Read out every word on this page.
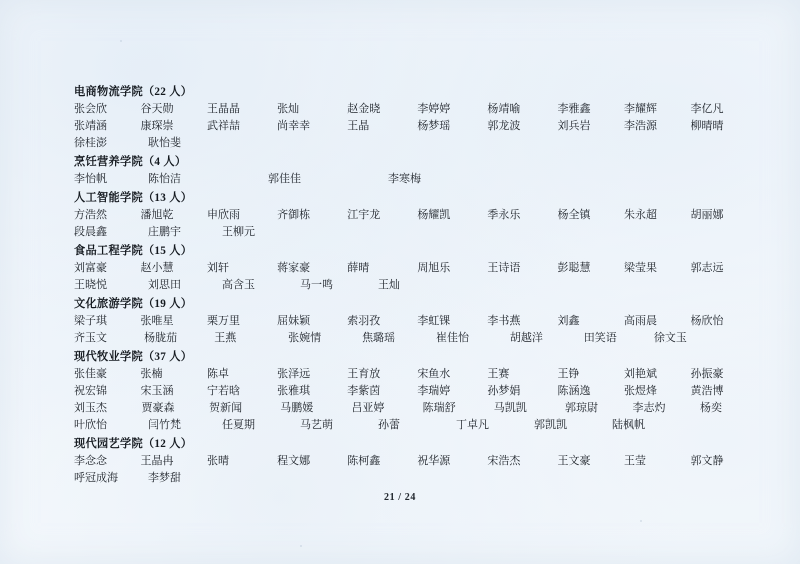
电商物流学院（22 人）
张会欣	谷天勋	王晶晶	张灿	赵金晓	李婷婷	杨靖喻	李雅鑫	李耀辉	李亿凡
张靖涵	康琛崇	武祥喆	尚幸幸	王晶	杨梦瑶	郭龙波	刘兵岩	李浩源	柳晴晴
徐桂澎	耿怡斐
烹饪营养学院（4 人）
李怡帆	陈怡洁	郭佳佳	李寒梅
人工智能学院（13 人）
方浩然	潘旭乾	申欣雨	齐御栋	江宇龙	杨耀凯	季永乐	杨全镇	朱永超	胡丽娜
段晨鑫	庄鹏宇	王柳元
食品工程学院（15 人）
刘富豪	赵小慧	刘轩	蒋家豪	薛晴	周旭乐	王诗语	彭聪慧	梁莹果	郭志远
王晓悦	刘思田	高含玉	马一鸣	王灿
文化旅游学院（19 人）
梁子琪	张唯星	栗万里	屈妹颖	索羽孜	李虹锞	李书燕	刘鑫	高雨晨	杨欣怡
齐玉文	杨胧茄	王燕	张婉情	焦璐瑶	崔佳怡	胡越洋	田笑语	徐文玉
现代牧业学院（37 人）
张佳豪	张楠	陈卓	张泽远	王育放	宋鱼水	王赛	王铮	刘艳斌	孙振豪
祝宏锦	宋玉涵	宁若晗	张雅琪	李紫茵	李瑞婷	孙梦娟	陈涵逸	张煜烽	黄浩博
刘玉杰	贾豪森	贺新闻	马鹏媛	吕亚婷	陈瑞舒	马凯凯	郭琼尉	李志灼	杨奕
叶欣怡	闫竹梵	任夏期	马艺萌	孙蕾	丁卓凡	郭凯凯	陆枫帆
现代园艺学院（12 人）
李念念	王晶冉	张晴	程文娜	陈柯鑫	祝华源	宋浩杰	王文豪	王莹	郭文静
呼冠成海	李梦甜
21 / 24
